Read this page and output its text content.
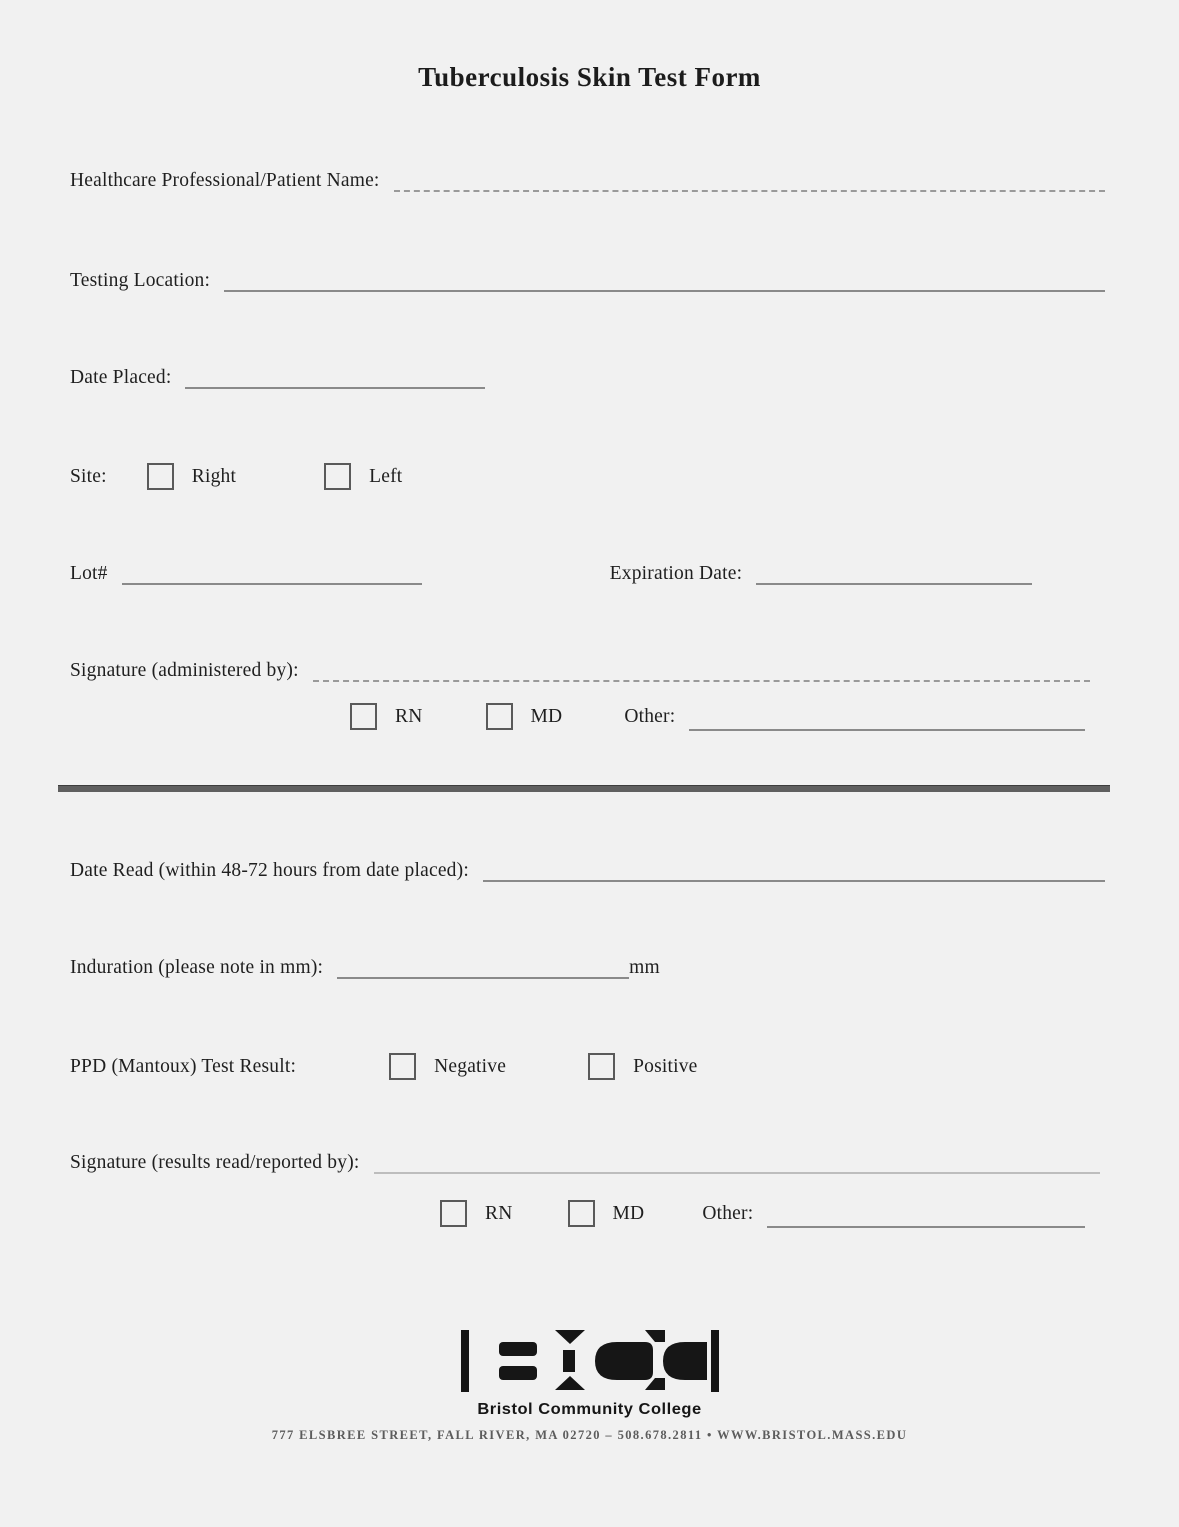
Tuberculosis Skin Test Form
Healthcare Professional/Patient Name:
Testing Location:
Date Placed:
Site:	Right	Left
Lot#	Expiration Date:
Signature (administered by):
RN	MD	Other:
Date Read (within 48-72 hours from date placed):
Induration (please note in mm):	mm
PPD (Mantoux) Test Result:	Negative	Positive
Signature (results read/reported by):
RN	MD	Other:
Bristol Community College
777 ELSBREE STREET, FALL RIVER, MA 02720 – 508.678.2811 • WWW.BRISTOL.MASS.EDU
